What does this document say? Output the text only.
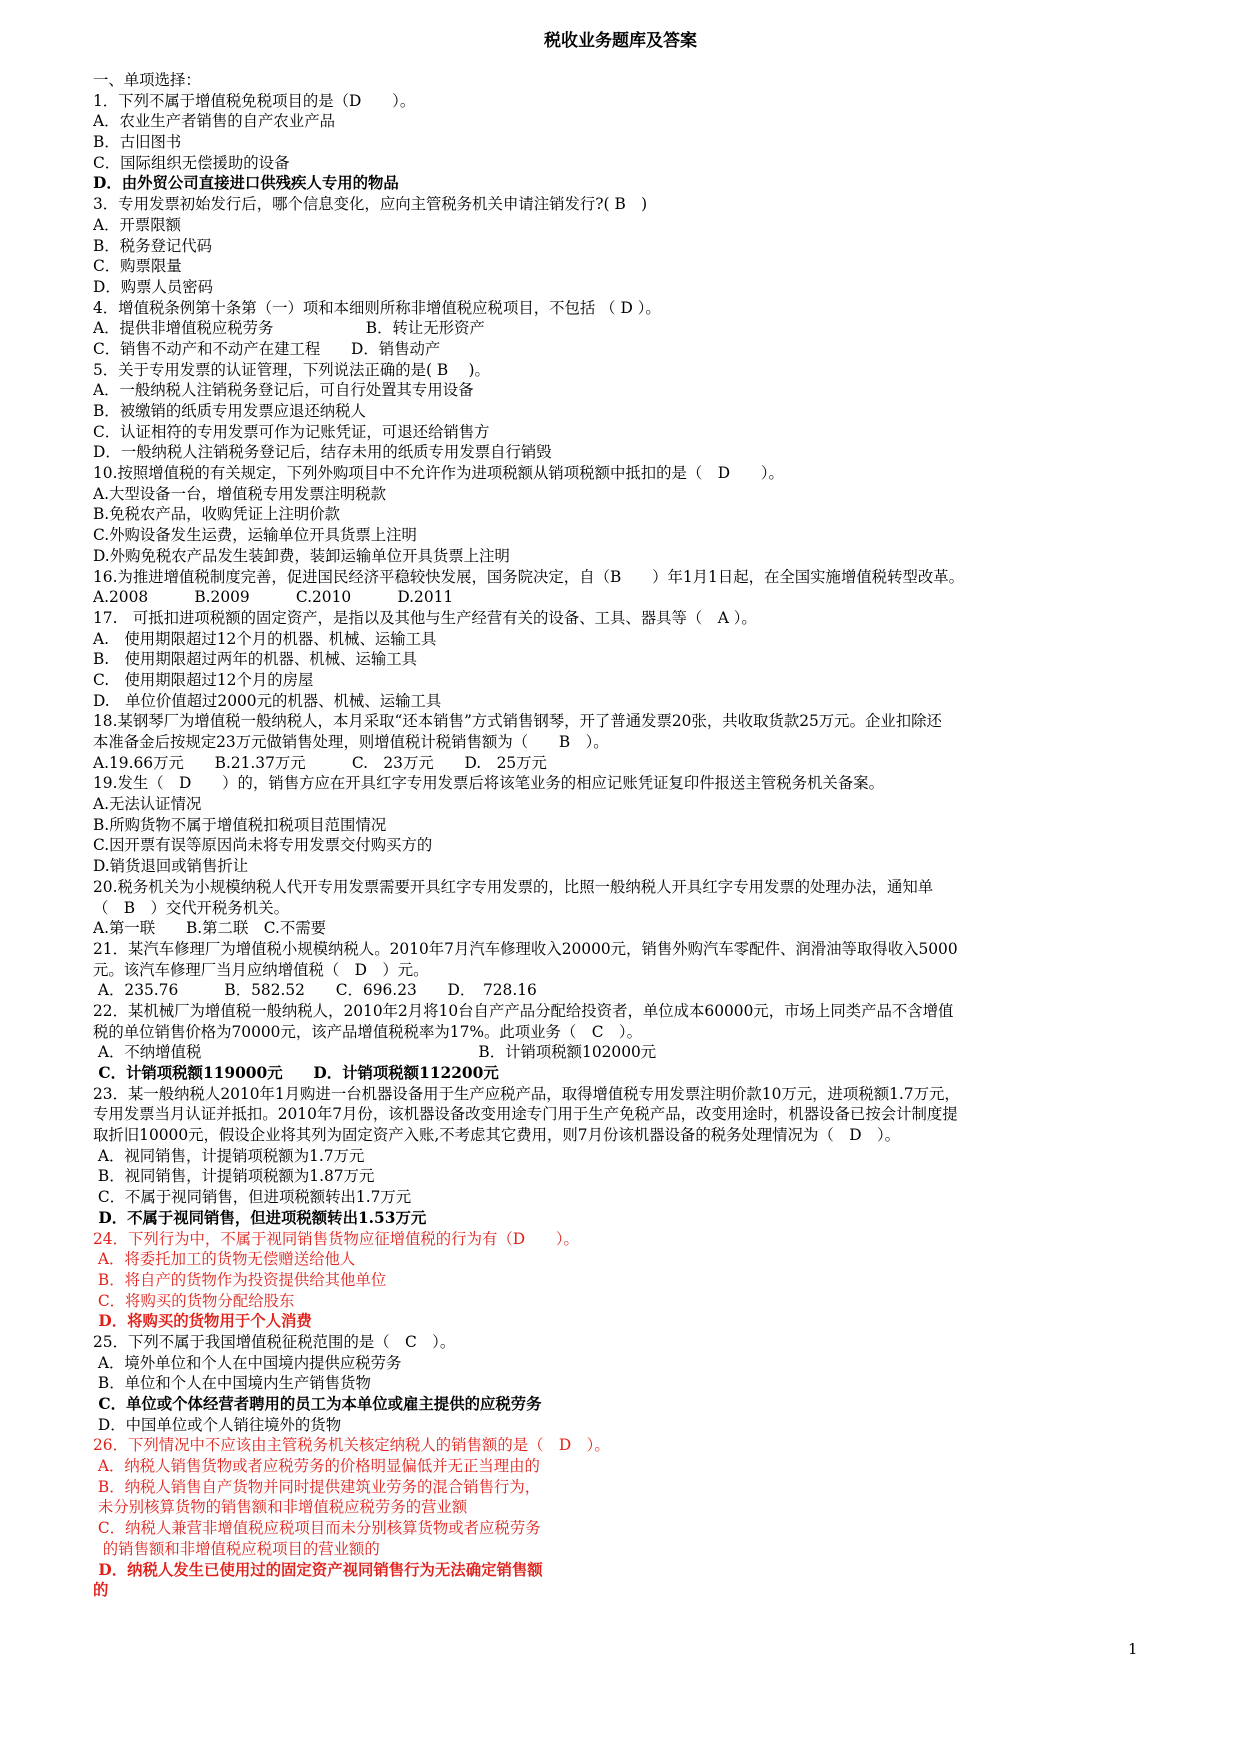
税收业务题库及答案
一、单项选择：
1．下列不属于增值税免税项目的是（D　　）。
A．农业生产者销售的自产农业产品
B．古旧图书
C．国际组织无偿援助的设备
D．由外贸公司直接进口供残疾人专用的物品
3．专用发票初始发行后，哪个信息变化，应向主管税务机关申请注销发行?( B　)
A．开票限额
B．税务登记代码
C．购票限量
D．购票人员密码
4．增值税条例第十条第（一）项和本细则所称非增值税应税项目，不包括 （ D ）。
A．提供非增值税应税劳务　　　　　　B．转让无形资产
C．销售不动产和不动产在建工程　　D．销售动产
5．关于专用发票的认证管理，下列说法正确的是( B　 )。
A．一般纳税人注销税务登记后，可自行处置其专用设备
B．被缴销的纸质专用发票应退还纳税人
C．认证相符的专用发票可作为记账凭证，可退还给销售方
D．一般纳税人注销税务登记后，结存未用的纸质专用发票自行销毁
10.按照增值税的有关规定，下列外购项目中不允许作为进项税额从销项税额中抵扣的是（　D　　）。
A.大型设备一台，增值税专用发票注明税款
B.免税农产品，收购凭证上注明价款
C.外购设备发生运费，运输单位开具货票上注明
D.外购免税农产品发生装卸费，装卸运输单位开具货票上注明
16.为推进增值税制度完善，促进国民经济平稳较快发展，国务院决定，自（B　　）年1月1日起，在全国实施增值税转型改革。
A.2008　　　B.2009　　　C.2010　　　D.2011
17.　可抵扣进项税额的固定资产，是指以及其他与生产经营有关的设备、工具、器具等（　A ）。
A.　使用期限超过12个月的机器、机械、运输工具
B.　使用期限超过两年的机器、机械、运输工具
C.　使用期限超过12个月的房屋
D.　单位价值超过2000元的机器、机械、运输工具
18.某钢琴厂为增值税一般纳税人，本月采取“还本销售”方式销售钢琴，开了普通发票20张，共收取货款25万元。企业扣除还
本准备金后按规定23万元做销售处理，则增值税计税销售额为（　　B　）。
A.19.66万元　　B.21.37万元　　　C.　23万元　　D.　25万元
19.发生（　D　　）的，销售方应在开具红字专用发票后将该笔业务的相应记账凭证复印件报送主管税务机关备案。
A.无法认证情况
B.所购货物不属于增值税扣税项目范围情况
C.因开票有误等原因尚未将专用发票交付购买方的
D.销货退回或销售折让
20.税务机关为小规模纳税人代开专用发票需要开具红字专用发票的，比照一般纳税人开具红字专用发票的处理办法，通知单
（　B　）交代开税务机关。
A.第一联　　B.第二联　C.不需要
21．某汽车修理厂为增值税小规模纳税人。2010年7月汽车修理收入20000元，销售外购汽车零配件、润滑油等取得收入5000
元。该汽车修理厂当月应纳增值税（　D　）元。
A．235.76　　　B．582.52　　C．696.23　　D．　728.16
22．某机械厂为增值税一般纳税人，2010年2月将10台自产产品分配给投资者，单位成本60000元，市场上同类产品不含增值
税的单位销售价格为70000元，该产品增值税税率为17%。此项业务（　C　）。
A．不纳增值税　　　　　　　　　　　　　　　　　　B．计销项税额102000元
C．计销项税额119000元　　D．计销项税额112200元
23．某一般纳税人2010年1月购进一台机器设备用于生产应税产品，取得增值税专用发票注明价款10万元，进项税额1.7万元，
专用发票当月认证并抵扣。2010年7月份，该机器设备改变用途专门用于生产免税产品，改变用途时，机器设备已按会计制度提
取折旧10000元，假设企业将其列为固定资产入账,不考虑其它费用，则7月份该机器设备的税务处理情况为（　D　）。
A．视同销售，计提销项税额为1.7万元
B．视同销售，计提销项税额为1.87万元
C．不属于视同销售，但进项税额转出1.7万元
D．不属于视同销售，但进项税额转出1.53万元
24．下列行为中，不属于视同销售货物应征增值税的行为有（D　　）。
A．将委托加工的货物无偿赠送给他人
B．将自产的货物作为投资提供给其他单位
C．将购买的货物分配给股东
D．将购买的货物用于个人消费
25．下列不属于我国增值税征税范围的是（　C　）。
A．境外单位和个人在中国境内提供应税劳务
B．单位和个人在中国境内生产销售货物
C．单位或个体经营者聘用的员工为本单位或雇主提供的应税劳务
D．中国单位或个人销往境外的货物
26．下列情况中不应该由主管税务机关核定纳税人的销售额的是（　D　）。
A．纳税人销售货物或者应税劳务的价格明显偏低并无正当理由的
B．纳税人销售自产货物并同时提供建筑业劳务的混合销售行为，
未分别核算货物的销售额和非增值税应税劳务的营业额
C．纳税人兼营非增值税应税项目而未分别核算货物或者应税劳务
的销售额和非增值税应税项目的营业额的
D．纳税人发生已使用过的固定资产视同销售行为无法确定销售额
的
1
